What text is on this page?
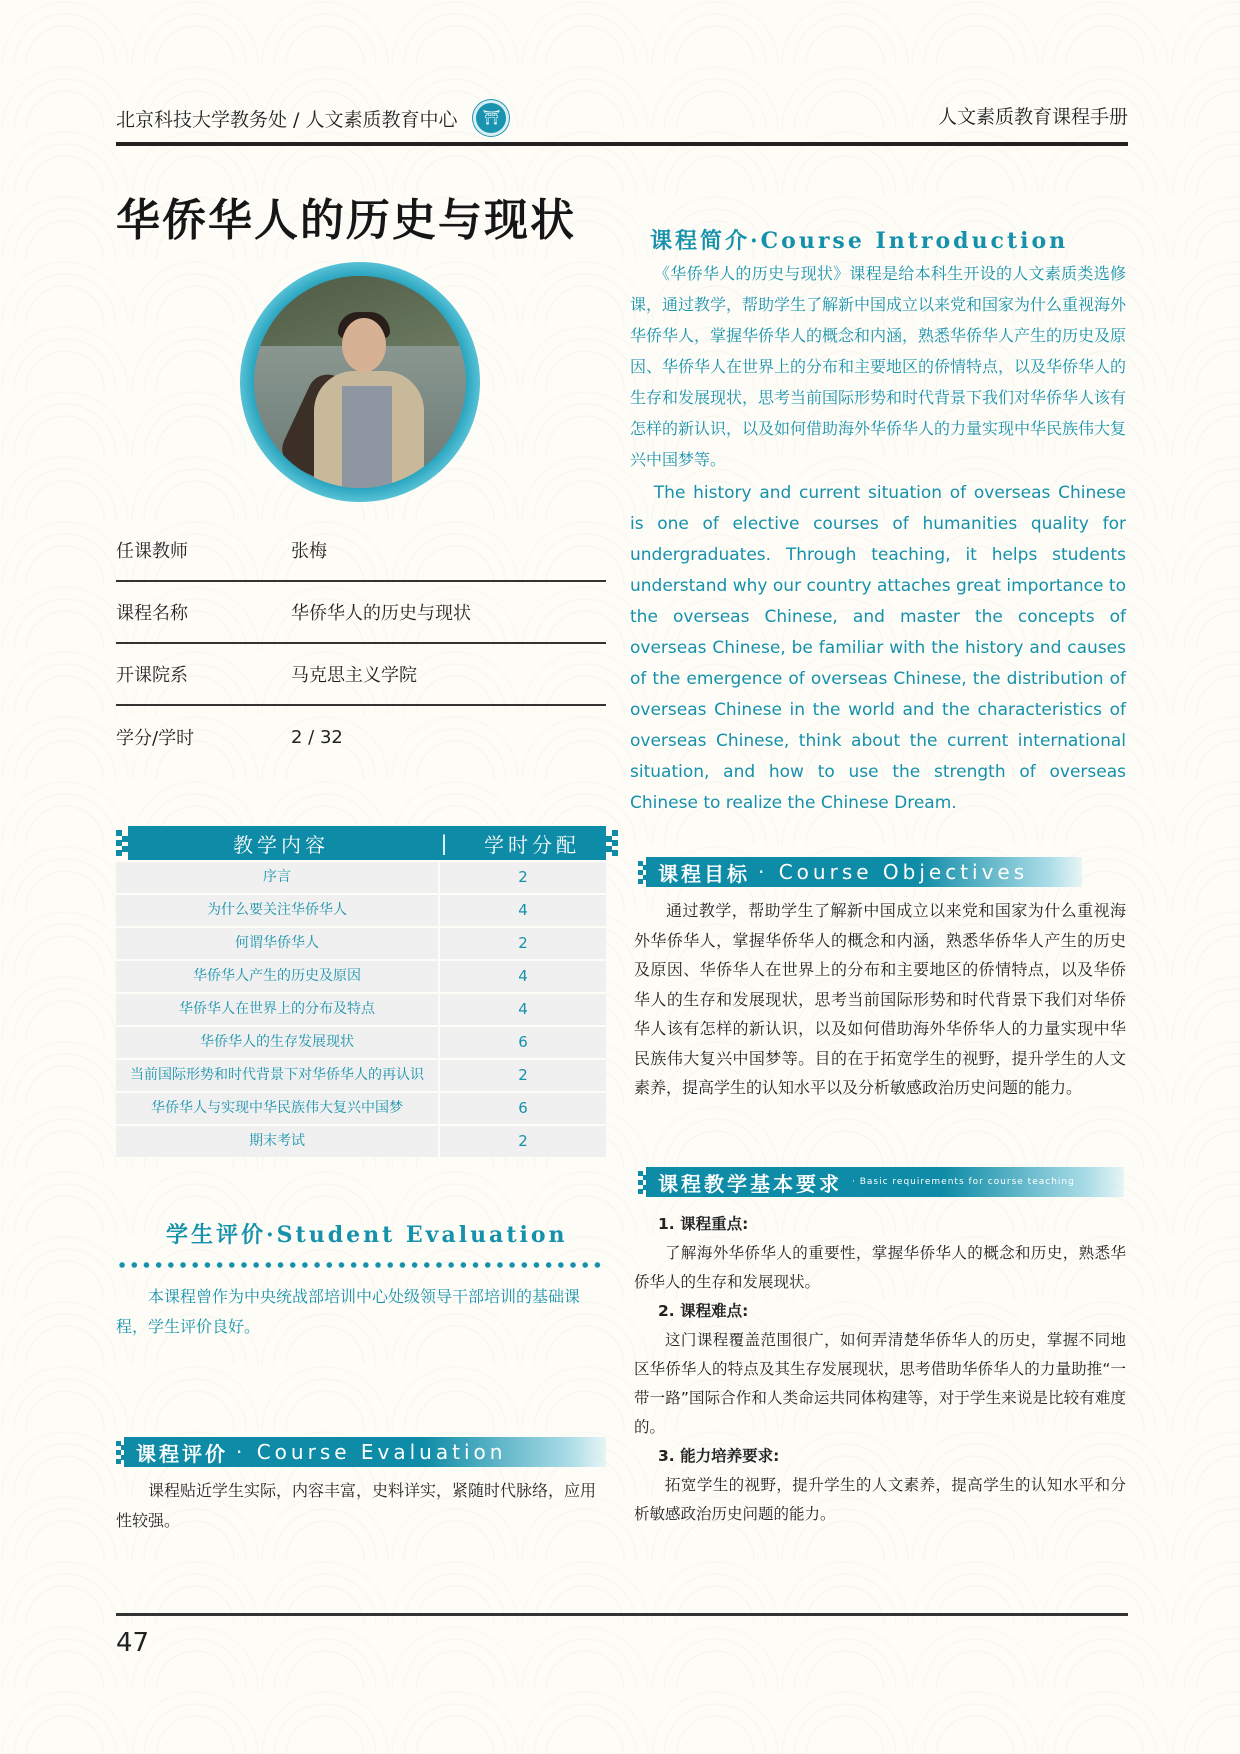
北京科技大学教务处 / 人文素质教育中心	⛩	人文素质教育课程手册
华侨华人的历史与现状
任课教师	张梅
课程名称	华侨华人的历史与现状
开课院系	马克思主义学院
学分/学时	2 / 32
教学内容	|	学时分配
序言	2
为什么要关注华侨华人	4
何谓华侨华人	2
华侨华人产生的历史及原因	4
华侨华人在世界上的分布及特点	4
华侨华人的生存发展现状	6
当前国际形势和时代背景下对华侨华人的再认识	2
华侨华人与实现中华民族伟大复兴中国梦	6
期末考试	2
学生评价·Student Evaluation

本课程曾作为中央统战部培训中心处级领导干部培训的基础课程，学生评价良好。

课程评价 · Course Evaluation

课程贴近学生实际，内容丰富，史料详实，紧随时代脉络，应用性较强。

课程简介·Course Introduction

《华侨华人的历史与现状》课程是给本科生开设的人文素质类选修课，通过教学，帮助学生了解新中国成立以来党和国家为什么重视海外华侨华人，掌握华侨华人的概念和内涵，熟悉华侨华人产生的历史及原因、华侨华人在世界上的分布和主要地区的侨情特点，以及华侨华人的生存和发展现状，思考当前国际形势和时代背景下我们对华侨华人该有怎样的新认识，以及如何借助海外华侨华人的力量实现中华民族伟大复兴中国梦等。

The history and current situation of overseas Chinese is one of elective courses of humanities quality for undergraduates. Through teaching, it helps students understand why our country attaches great importance to the overseas Chinese, and master the concepts of overseas Chinese, be familiar with the history and causes of the emergence of overseas Chinese, the distribution of overseas Chinese in the world and the characteristics of overseas Chinese, think about the current international situation, and how to use the strength of overseas Chinese to realize the Chinese Dream.

课程目标 · Course Objectives

通过教学，帮助学生了解新中国成立以来党和国家为什么重视海外华侨华人，掌握华侨华人的概念和内涵，熟悉华侨华人产生的历史及原因、华侨华人在世界上的分布和主要地区的侨情特点，以及华侨华人的生存和发展现状，思考当前国际形势和时代背景下我们对华侨华人该有怎样的新认识，以及如何借助海外华侨华人的力量实现中华民族伟大复兴中国梦等。目的在于拓宽学生的视野，提升学生的人文素养，提高学生的认知水平以及分析敏感政治历史问题的能力。

课程教学基本要求 · Basic requirements for course teaching
1. 课程重点:

了解海外华侨华人的重要性，掌握华侨华人的概念和历史，熟悉华侨华人的生存和发展现状。

2. 课程难点:

这门课程覆盖范围很广，如何弄清楚华侨华人的历史，掌握不同地区华侨华人的特点及其生存发展现状，思考借助华侨华人的力量助推“一带一路”国际合作和人类命运共同体构建等，对于学生来说是比较有难度的。

3. 能力培养要求:

拓宽学生的视野，提升学生的人文素养，提高学生的认知水平和分析敏感政治历史问题的能力。

47
